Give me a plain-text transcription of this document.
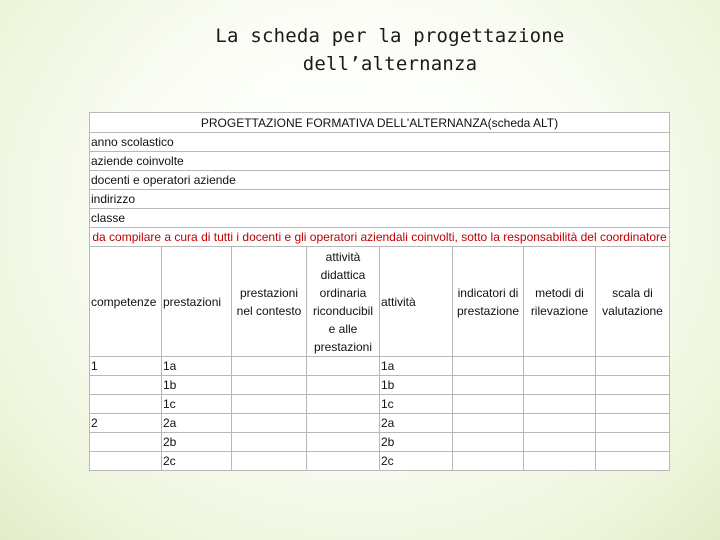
La scheda per la progettazione
dell’alternanza
PROGETTAZIONE FORMATIVA DELL'ALTERNANZA(scheda ALT)							
anno scolastico							
aziende coinvolte							
docenti e operatori aziende							
indirizzo							
classe							
da compilare a cura di tutti i docenti e gli operatori aziendali coinvolti, sotto la responsabilità del coordinatore							
competenze	prestazioni	prestazioni nel contesto	attività didattica ordinaria riconducibil e alle prestazioni	attività	indicatori di prestazione	metodi di rilevazione	scala di valutazione
1	1a			1a			
	1b			1b			
	1c			1c			
2	2a			2a			
	2b			2b			
	2c			2c			
